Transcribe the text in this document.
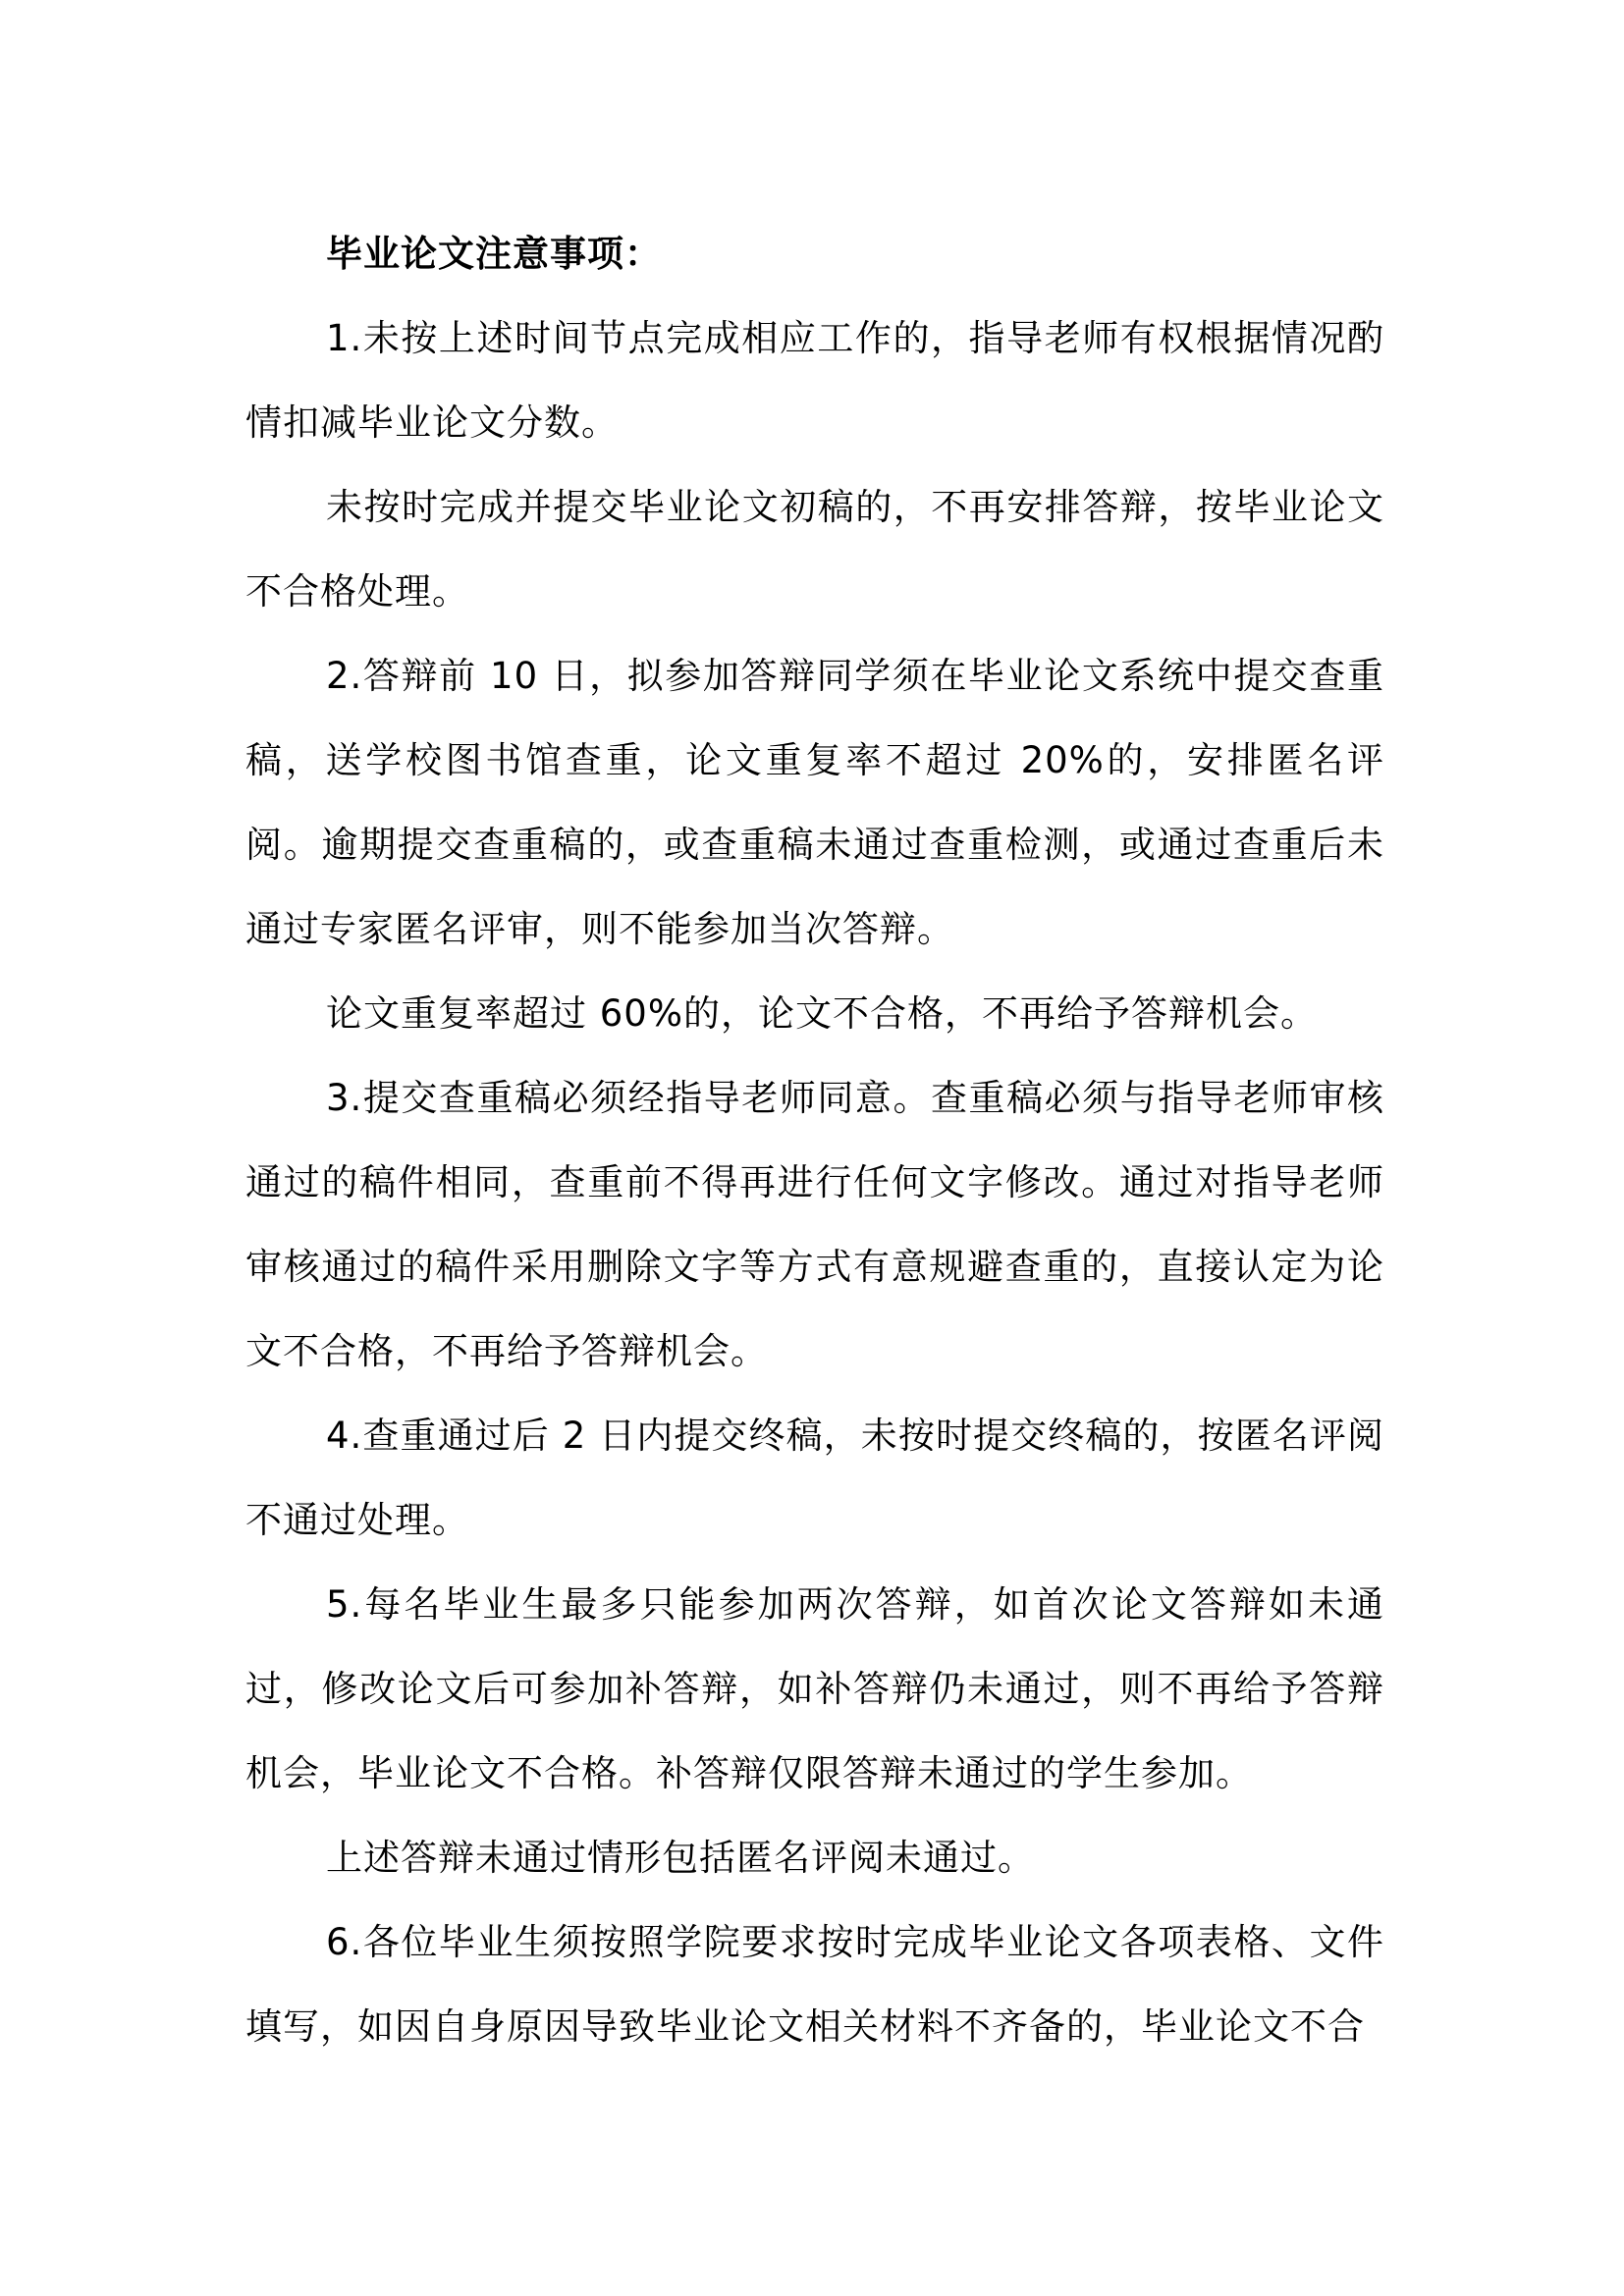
毕业论文注意事项：

1.未按上述时间节点完成相应工作的，指导老师有权根据情况酌情扣减毕业论文分数。

未按时完成并提交毕业论文初稿的，不再安排答辩，按毕业论文不合格处理。

2.答辩前 10 日，拟参加答辩同学须在毕业论文系统中提交查重稿，送学校图书馆查重，论文重复率不超过 20%的，安排匿名评阅。逾期提交查重稿的，或查重稿未通过查重检测，或通过查重后未通过专家匿名评审，则不能参加当次答辩。

论文重复率超过 60%的，论文不合格，不再给予答辩机会。

3.提交查重稿必须经指导老师同意。查重稿必须与指导老师审核通过的稿件相同，查重前不得再进行任何文字修改。通过对指导老师审核通过的稿件采用删除文字等方式有意规避查重的，直接认定为论文不合格，不再给予答辩机会。

4.查重通过后 2 日内提交终稿，未按时提交终稿的，按匿名评阅不通过处理。

5.每名毕业生最多只能参加两次答辩，如首次论文答辩如未通过，修改论文后可参加补答辩，如补答辩仍未通过，则不再给予答辩机会，毕业论文不合格。补答辩仅限答辩未通过的学生参加。

上述答辩未通过情形包括匿名评阅未通过。

6.各位毕业生须按照学院要求按时完成毕业论文各项表格、文件填写，如因自身原因导致毕业论文相关材料不齐备的，毕业论文不合
